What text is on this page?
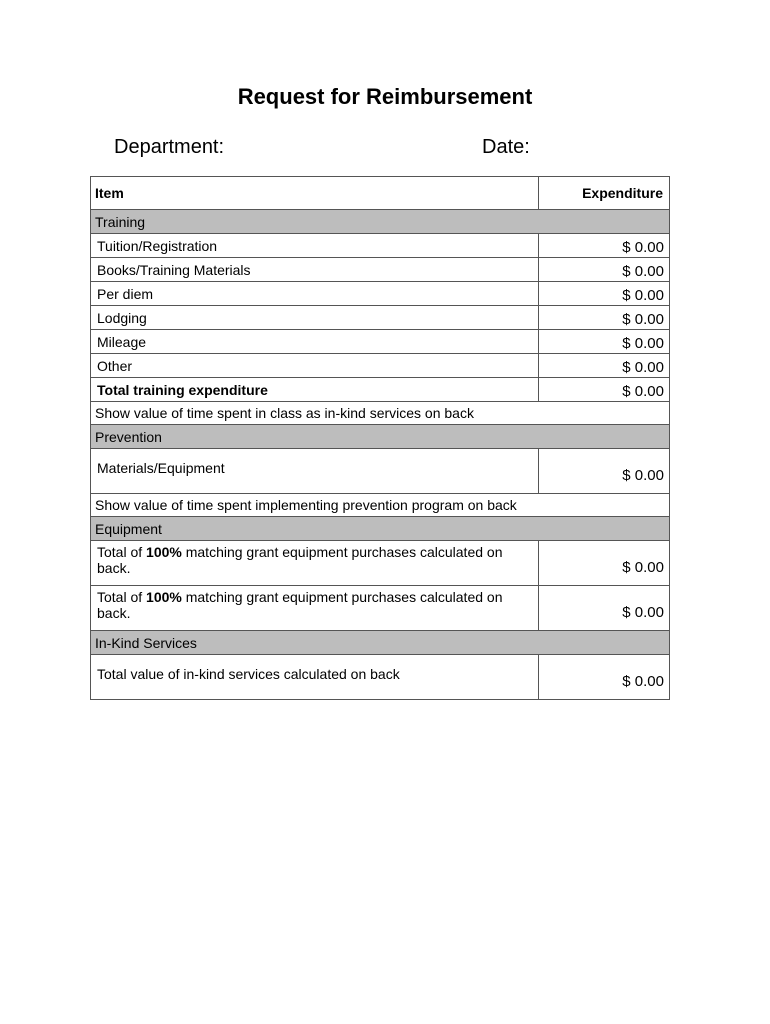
Request for Reimbursement
Department:	Date:
Item	Expenditure
Training	
Tuition/Registration	$ 0.00
Books/Training Materials	$ 0.00
Per diem	$ 0.00
Lodging	$ 0.00
Mileage	$ 0.00
Other	$ 0.00
Total training expenditure	$ 0.00
Show value of time spent in class as in-kind services on back	
Prevention	
Materials/Equipment	$ 0.00
Show value of time spent implementing prevention program on back	
Equipment	
Total of 100% matching grant equipment purchases calculated on back.	$ 0.00
Total of 100% matching grant equipment purchases calculated on back.	$ 0.00
In-Kind Services	
Total value of in-kind services calculated on back	$ 0.00
